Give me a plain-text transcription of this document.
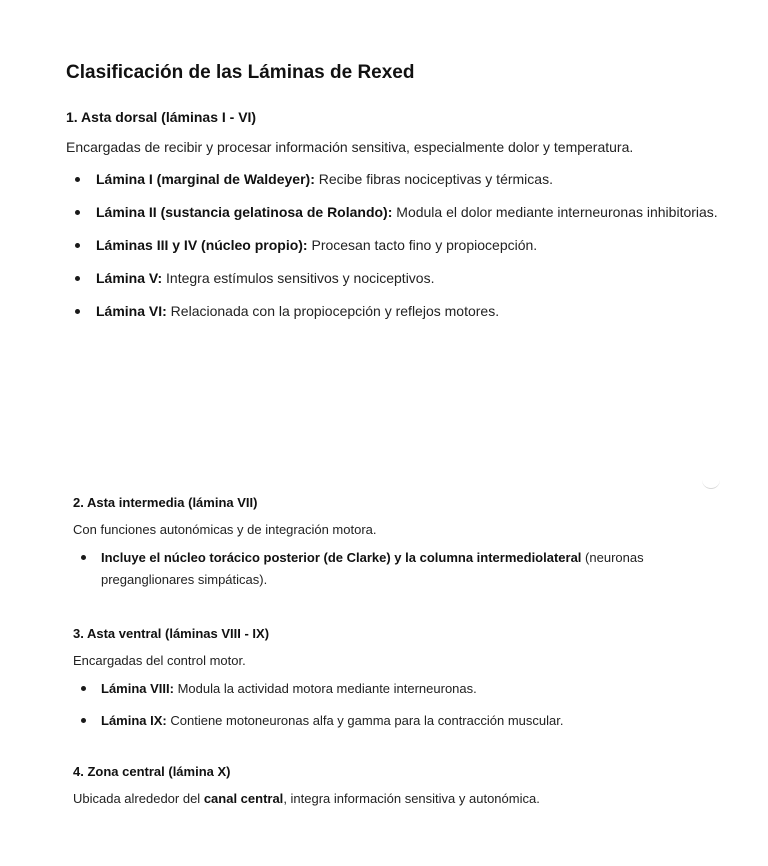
Clasificación de las Láminas de Rexed
1. Asta dorsal (láminas I - VI)

Encargadas de recibir y procesar información sensitiva, especialmente dolor y temperatura.

Lámina I (marginal de Waldeyer): Recibe fibras nociceptivas y térmicas.
Lámina II (sustancia gelatinosa de Rolando): Modula el dolor mediante interneuronas inhibitorias.
Láminas III y IV (núcleo propio): Procesan tacto fino y propiocepción.
Lámina V: Integra estímulos sensitivos y nociceptivos.
Lámina VI: Relacionada con la propiocepción y reflejos motores.
2. Asta intermedia (lámina VII)

Con funciones autonómicas y de integración motora.

Incluye el núcleo torácico posterior (de Clarke) y la columna intermediolateral (neuronas preganglionares simpáticas).
3. Asta ventral (láminas VIII - IX)

Encargadas del control motor.

Lámina VIII: Modula la actividad motora mediante interneuronas.
Lámina IX: Contiene motoneuronas alfa y gamma para la contracción muscular.
4. Zona central (lámina X)

Ubicada alrededor del canal central, integra información sensitiva y autonómica.
